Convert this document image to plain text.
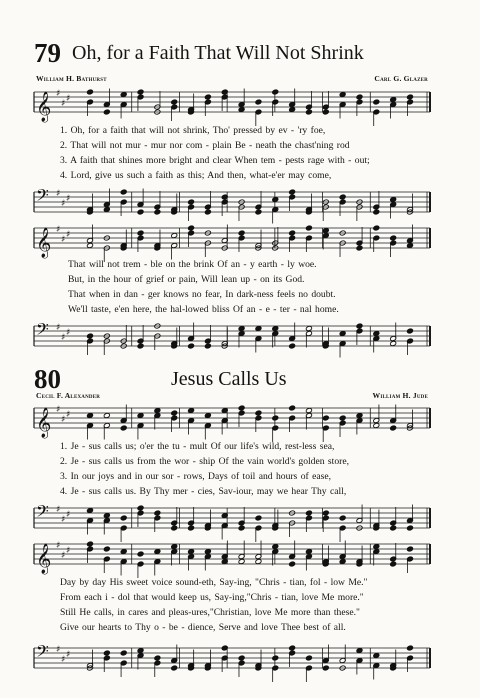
79 Oh, for a Faith That Will Not Shrink
William H. Bathurst	Carl G. Glazer
𝄞 ♯
♯ ♯
1. Oh, for a faith that will not shrink, Tho' pressed by ev - 'ry foe,
2. That will not mur - mur nor com - plain Be - neath the chast'ning rod
3. A faith that shines more bright and clear When tem - pests rage with - out;
4. Lord, give us such a faith as this; And then, what-e'er may come,
𝄢 ♯
♯ ♯
𝄞 ♯
♯ ♯
That will not trem - ble on the brink Of an - y earth - ly woe.
But, in the hour of grief or pain, Will lean up - on its God.
That when in dan - ger knows no fear, In dark-ness feels no doubt.
We'll taste, e'en here, the hal-lowed bliss Of an - e - ter - nal home.
𝄢 ♯
♯ ♯
80	Jesus Calls Us
Cecil F. Alexander	William H. Jude
𝄞 ♯
♯ ♯
1. Je - sus calls us; o'er the tu - mult Of our life's wild, rest-less sea,
2. Je - sus calls us from the wor - ship Of the vain world's golden store,
3. In our joys and in our sor - rows, Days of toil and hours of ease,
4. Je - sus calls us. By Thy mer - cies, Sav-iour, may we hear Thy call,
𝄢 ♯
♯ ♯
𝄞 ♯
♯ ♯
Day by day His sweet voice sound-eth, Say-ing, "Chris - tian, fol - low Me."
From each i - dol that would keep us, Say-ing,"Chris - tian, love Me more."
Still He calls, in cares and pleas-ures,"Christian, love Me more than these."
Give our hearts to Thy o - be - dience, Serve and love Thee best of all.
𝄢 ♯
♯ ♯
